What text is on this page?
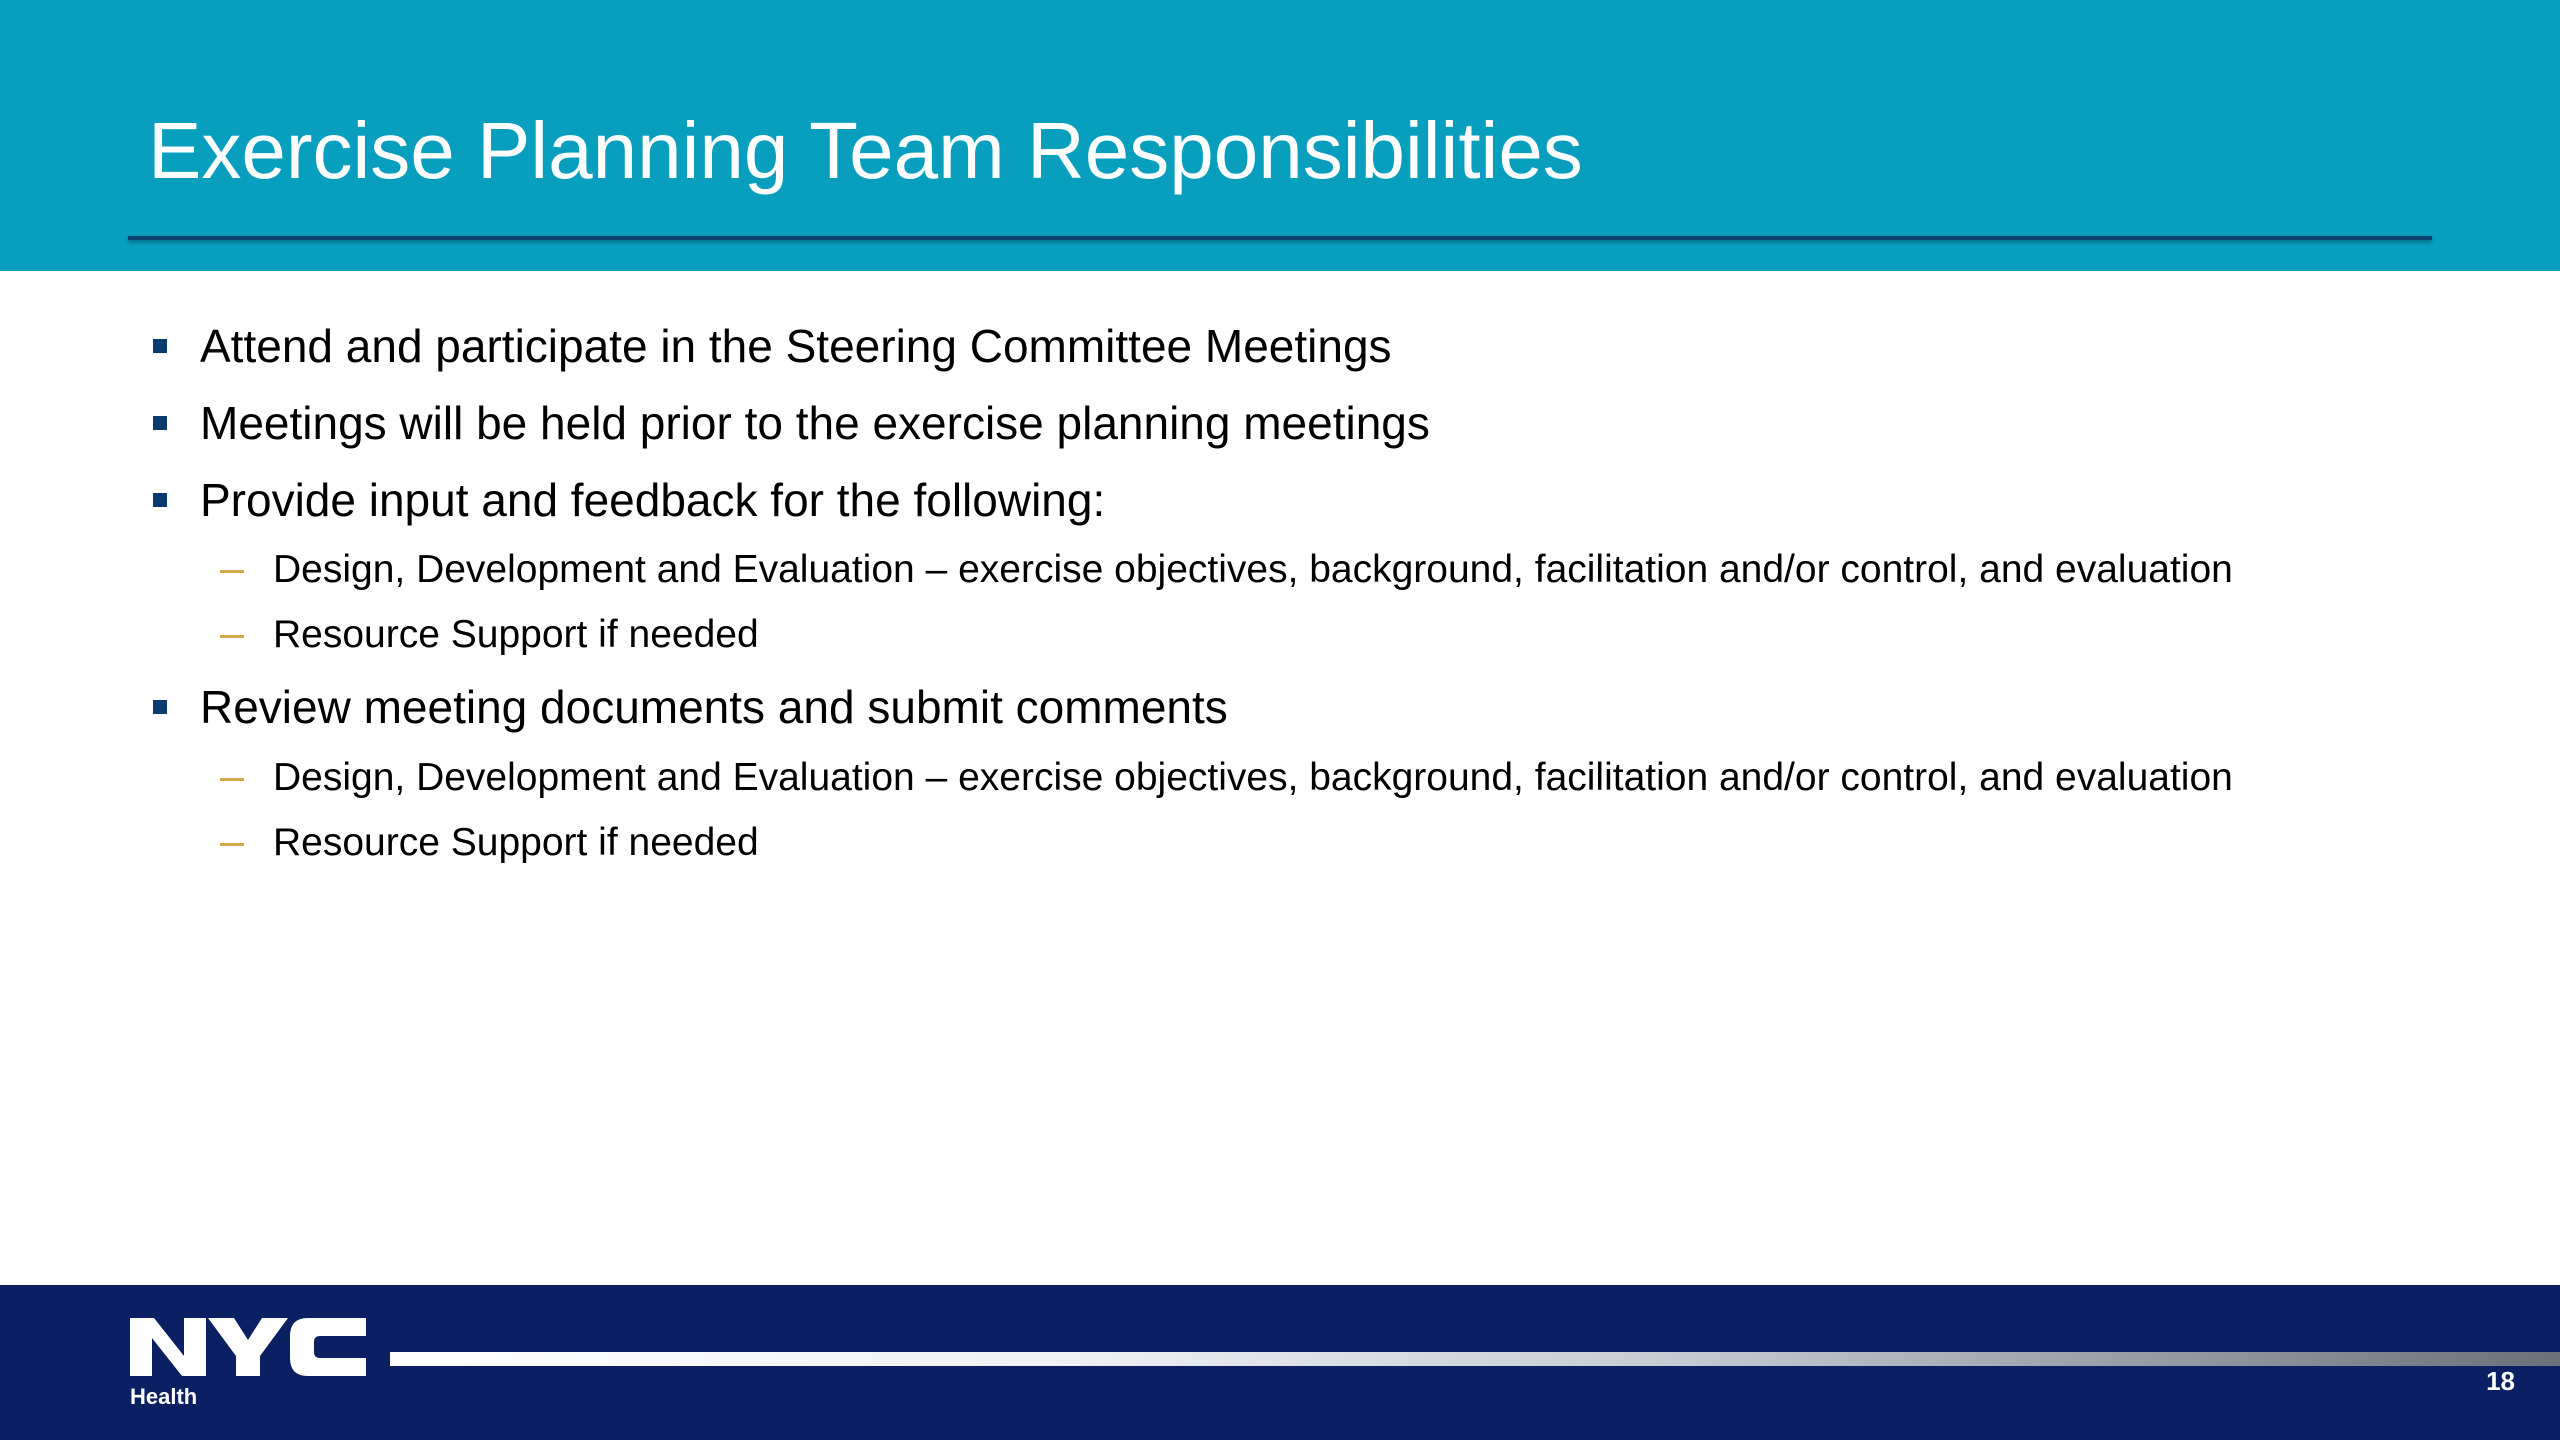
Exercise Planning Team Responsibilities
Attend and participate in the Steering Committee Meetings
Meetings will be held prior to the exercise planning meetings
Provide input and feedback for the following:
Design, Development and Evaluation – exercise objectives, background, facilitation and/or control, and evaluation
Resource Support if needed
Review meeting documents and submit comments
Design, Development and Evaluation – exercise objectives, background, facilitation and/or control, and evaluation
Resource Support if needed
Health
18
